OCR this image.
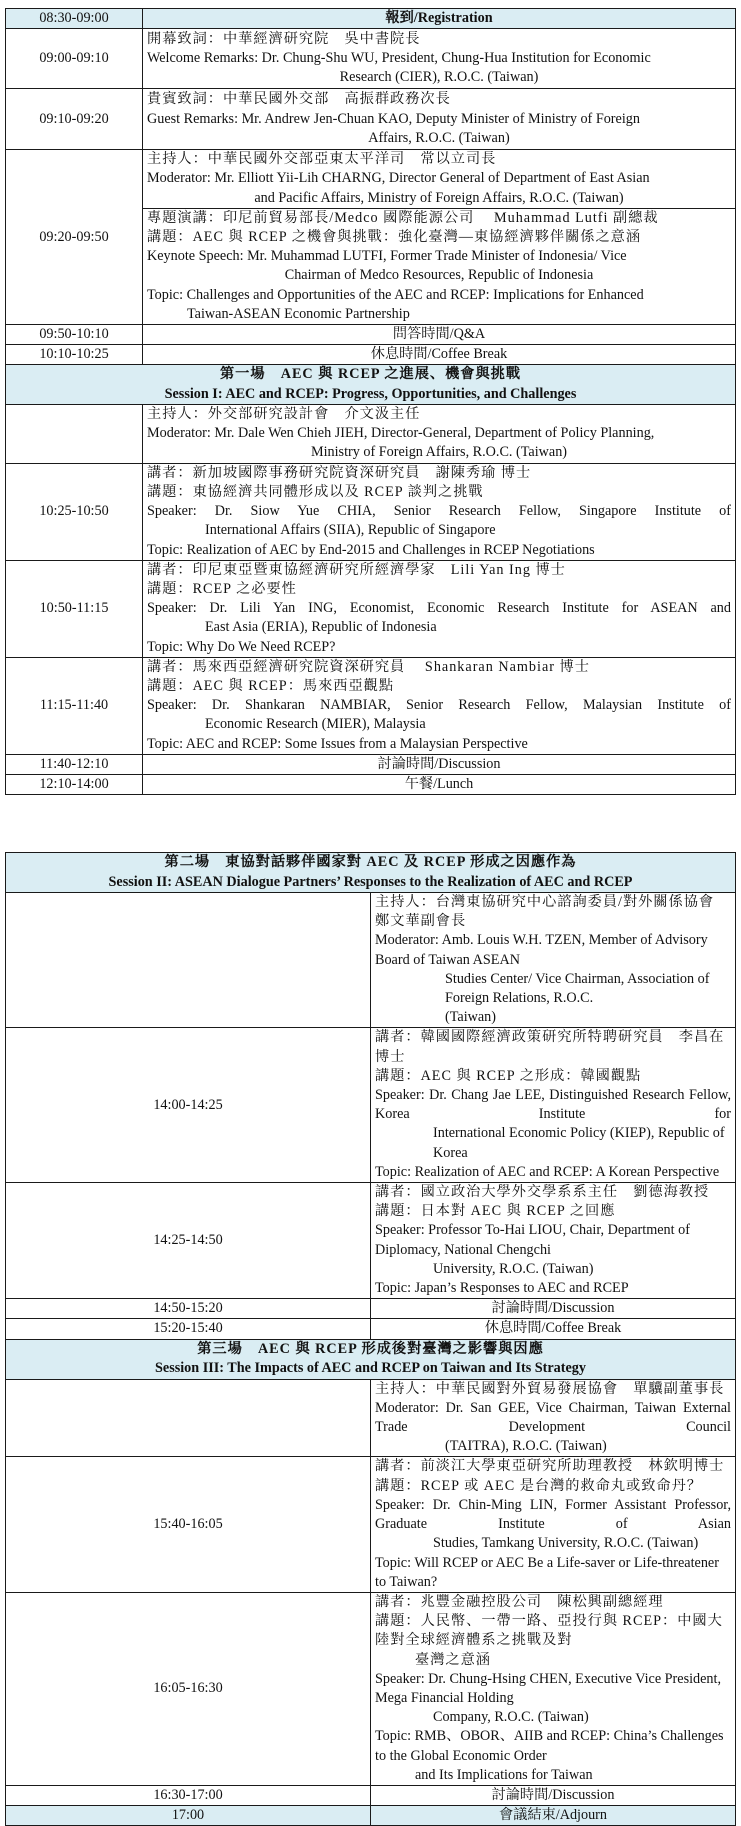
08:30-09:00	報到/Registration
09:00-09:10	開幕致詞：中華經濟研究院　吳中書院長
Welcome Remarks: Dr. Chung-Shu WU, President, Chung-Hua Institution for Economic
Research (CIER), R.O.C. (Taiwan)

09:10-09:20	貴賓致詞：中華民國外交部　高振群政務次長
Guest Remarks: Mr. Andrew Jen-Chuan KAO, Deputy Minister of Ministry of Foreign
Affairs, R.O.C. (Taiwan)

09:20-09:50	主持人：中華民國外交部亞東太平洋司　常以立司長
Moderator: Mr. Elliott Yii-Lih CHARNG, Director General of Department of East Asian
and Pacific Affairs, Ministry of Foreign Affairs, R.O.C. (Taiwan)

專題演講：印尼前貿易部長/Medco 國際能源公司　 Muhammad Lutfi 副總裁
講題：AEC 與 RCEP 之機會與挑戰：強化臺灣—東協經濟夥伴關係之意涵
Keynote Speech: Mr. Muhammad LUTFI, Former Trade Minister of Indonesia/ Vice
Chairman of Medco Resources, Republic of Indonesia
Topic: Challenges and Opportunities of the AEC and RCEP: Implications for Enhanced
Taiwan-ASEAN Economic Partnership

09:50-10:10	問答時間/Q&A
10:10-10:25	休息時間/Coffee Break

第一場　AEC 與 RCEP 之進展、機會與挑戰
Session I: AEC and RCEP: Progress, Opportunities, and Challenges	

	主持人：外交部研究設計會　介文汲主任
Moderator: Mr. Dale Wen Chieh JIEH, Director-General, Department of Policy Planning,
Ministry of Foreign Affairs, R.O.C. (Taiwan)

10:25-10:50	講者：新加坡國際事務研究院資深研究員　謝陳秀瑜 博士
講題：東協經濟共同體形成以及 RCEP 談判之挑戰
Speaker: Dr. Siow Yue CHIA, Senior Research Fellow, Singapore Institute of
International Affairs (SIIA), Republic of Singapore
Topic: Realization of AEC by End-2015 and Challenges in RCEP Negotiations

10:50-11:15	講者：印尼東亞暨東協經濟研究所經濟學家　Lili Yan Ing 博士
講題：RCEP 之必要性
Speaker: Dr. Lili Yan ING, Economist, Economic Research Institute for ASEAN and
East Asia (ERIA), Republic of Indonesia
Topic: Why Do We Need RCEP?

11:15-11:40	講者：馬來西亞經濟研究院資深研究員　 Shankaran Nambiar 博士
講題：AEC 與 RCEP：馬來西亞觀點
Speaker: Dr. Shankaran NAMBIAR, Senior Research Fellow, Malaysian Institute of
Economic Research (MIER), Malaysia
Topic: AEC and RCEP: Some Issues from a Malaysian Perspective

11:40-12:10	討論時間/Discussion
12:10-14:00	午餐/Lunch
第二場　東協對話夥伴國家對 AEC 及 RCEP 形成之因應作為
Session II: ASEAN Dialogue Partners’ Responses to the Realization of AEC and RCEP	

	主持人：台灣東協研究中心諮詢委員/對外關係協會　鄭文華副會長
Moderator: Amb. Louis W.H. TZEN, Member of Advisory Board of Taiwan ASEAN
Studies Center/ Vice Chairman, Association of Foreign Relations, R.O.C.
(Taiwan)

14:00-14:25	講者：韓國國際經濟政策研究所特聘研究員　李昌在博士
講題：AEC 與 RCEP 之形成：韓國觀點
Speaker: Dr. Chang Jae LEE, Distinguished Research Fellow, Korea Institute for
International Economic Policy (KIEP), Republic of Korea
Topic: Realization of AEC and RCEP: A Korean Perspective

14:25-14:50	講者：國立政治大學外交學系系主任　劉德海教授
講題：日本對 AEC 與 RCEP 之回應
Speaker: Professor To-Hai LIOU, Chair, Department of Diplomacy, National Chengchi
University, R.O.C. (Taiwan)
Topic: Japan’s Responses to AEC and RCEP

14:50-15:20	討論時間/Discussion
15:20-15:40	休息時間/Coffee Break

第三場　AEC 與 RCEP 形成後對臺灣之影響與因應
Session III: The Impacts of AEC and RCEP on Taiwan and Its Strategy	

	主持人：中華民國對外貿易發展協會　單驥副董事長
Moderator: Dr. San GEE, Vice Chairman, Taiwan External Trade Development Council
(TAITRA), R.O.C. (Taiwan)

15:40-16:05	講者：前淡江大學東亞研究所助理教授　林欽明博士
講題：RCEP 或 AEC 是台灣的救命丸或致命丹？
Speaker: Dr. Chin-Ming LIN, Former Assistant Professor, Graduate Institute of Asian
Studies, Tamkang University, R.O.C. (Taiwan)
Topic: Will RCEP or AEC Be a Life-saver or Life-threatener to Taiwan?

16:05-16:30	
講者：兆豐金融控股公司　陳松興副總經理
講題：人民幣、一帶一路、亞投行與 RCEP：中國大陸對全球經濟體系之挑戰及對
臺灣之意涵
Speaker: Dr. Chung-Hsing CHEN, Executive Vice President, Mega Financial Holding
Company, R.O.C. (Taiwan)
Topic: RMB、OBOR、AIIB and RCEP: China’s Challenges to the Global Economic Order
and Its Implications for Taiwan

16:30-17:00	討論時間/Discussion
17:00	會議結束/Adjourn
